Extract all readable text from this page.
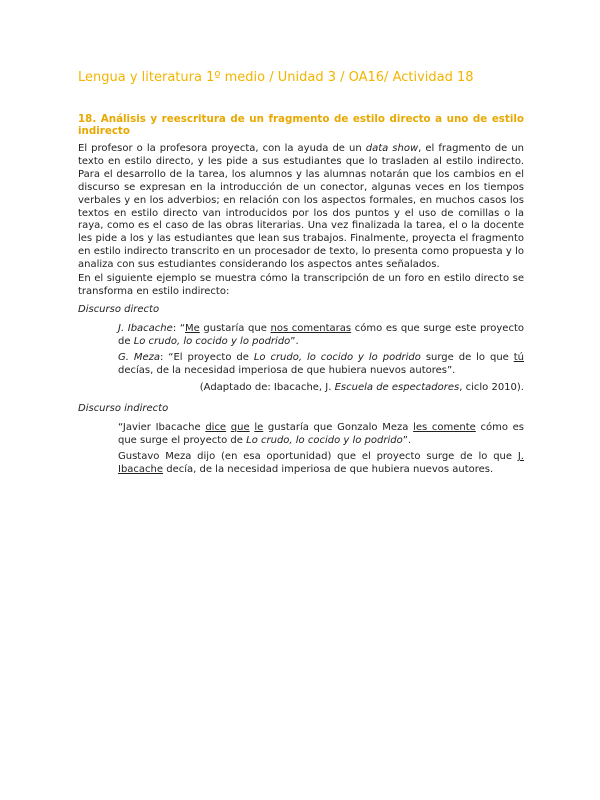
Lengua y literatura 1º medio / Unidad 3 / OA16/ Actividad 18
18. Análisis y reescritura de un fragmento de estilo directo a uno de estilo indirecto

El profesor o la profesora proyecta, con la ayuda de un data show, el fragmento de un texto en estilo directo, y les pide a sus estudiantes que lo trasladen al estilo indirecto. Para el desarrollo de la tarea, los alumnos y las alumnas notarán que los cambios en el discurso se expresan en la introducción de un conector, algunas veces en los tiempos verbales y en los adverbios; en relación con los aspectos formales, en muchos casos los textos en estilo directo van introducidos por los dos puntos y el uso de comillas o la raya, como es el caso de las obras literarias. Una vez finalizada la tarea, el o la docente les pide a los y las estudiantes que lean sus trabajos. Finalmente, proyecta el fragmento en estilo indirecto transcrito en un procesador de texto, lo presenta como propuesta y lo analiza con sus estudiantes considerando los aspectos antes señalados.

En el siguiente ejemplo se muestra cómo la transcripción de un foro en estilo directo se transforma en estilo indirecto:

Discurso directo
J. Ibacache: “Me gustaría que nos comentaras cómo es que surge este proyecto de Lo crudo, lo cocido y lo podrido”.
G. Meza: “El proyecto de Lo crudo, lo cocido y lo podrido surge de lo que tú decías, de la necesidad imperiosa de que hubiera nuevos autores”.
(Adaptado de: Ibacache, J. Escuela de espectadores, ciclo 2010).
Discurso indirecto
“Javier Ibacache dice que le gustaría que Gonzalo Meza les comente cómo es que surge el proyecto de Lo crudo, lo cocido y lo podrido”.
Gustavo Meza dijo (en esa oportunidad) que el proyecto surge de lo que J. Ibacache decía, de la necesidad imperiosa de que hubiera nuevos autores.
